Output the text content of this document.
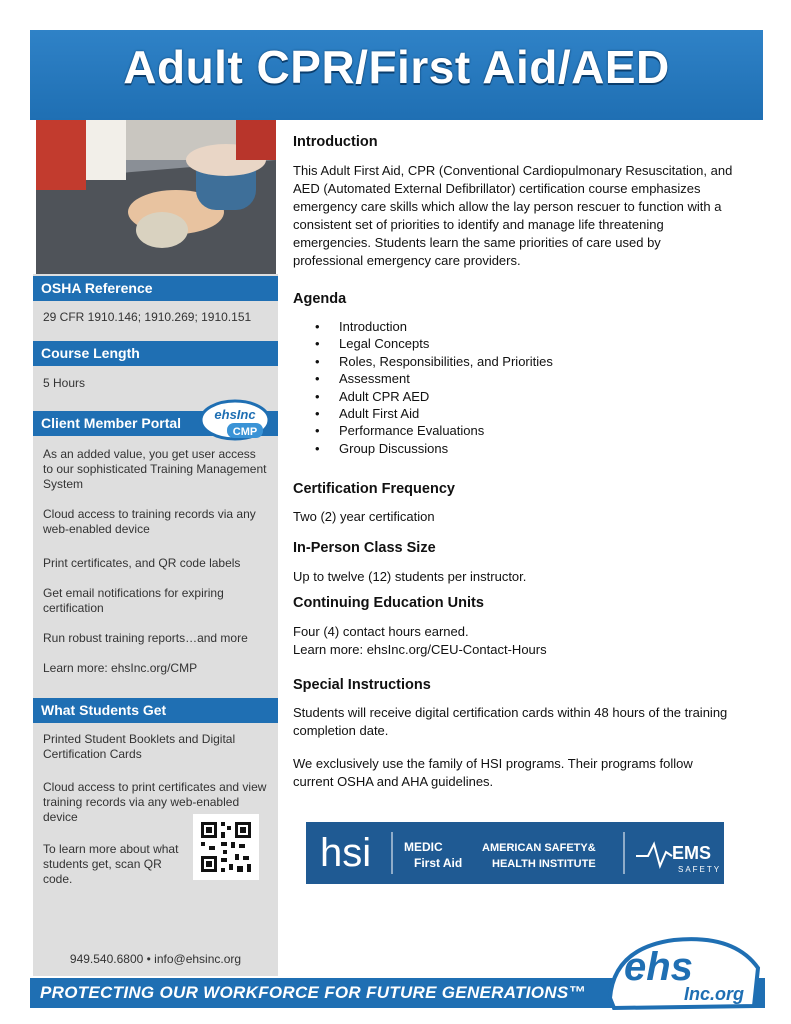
Adult CPR/First Aid/AED
OSHA Reference
29 CFR 1910.146; 1910.269; 1910.151
Course Length
5 Hours
Client Member Portal
ehsInc
CMP
As an added value, you get user access to our sophisticated Training Management System
Cloud access to training records via any web-enabled device
Print certificates, and QR code labels
Get email notifications for expiring certification
Run robust training reports…and more
Learn more: ehsInc.org/CMP
What Students Get
Printed Student Booklets and Digital Certification Cards
Cloud access to print certificates and view training records via any web-enabled device
To learn more about what students get, scan QR code.
949.540.6800 • info@ehsinc.org
Introduction
This Adult First Aid, CPR (Conventional Cardiopulmonary Resuscitation, and AED (Automated External Defibrillator) certification course emphasizes emergency care skills which allow the lay person rescuer to function with a consistent set of priorities to identify and manage life threatening emergencies. Students learn the same priorities of care used by professional emergency care providers.
Agenda
• Introduction
• Legal Concepts
• Roles, Responsibilities, and Priorities
• Assessment
• Adult CPR AED
• Adult First Aid
• Performance Evaluations
• Group Discussions
Certification Frequency
Two (2) year certification
In-Person Class Size
Up to twelve (12) students per instructor.
Continuing Education Units
Four (4) contact hours earned.
Learn more: ehsInc.org/CEU-Contact-Hours
Special Instructions
Students will receive digital certification cards within 48 hours of the training completion date.
We exclusively use the family of HSI programs. Their programs follow current OSHA and AHA guidelines.
hsi	MEDIC
First Aid
AMERICAN SAFETY&
HEALTH INSTITUTE
EMS
SAFETY
PROTECTING OUR WORKFORCE FOR FUTURE GENERATIONS™
ehs
Inc.org
